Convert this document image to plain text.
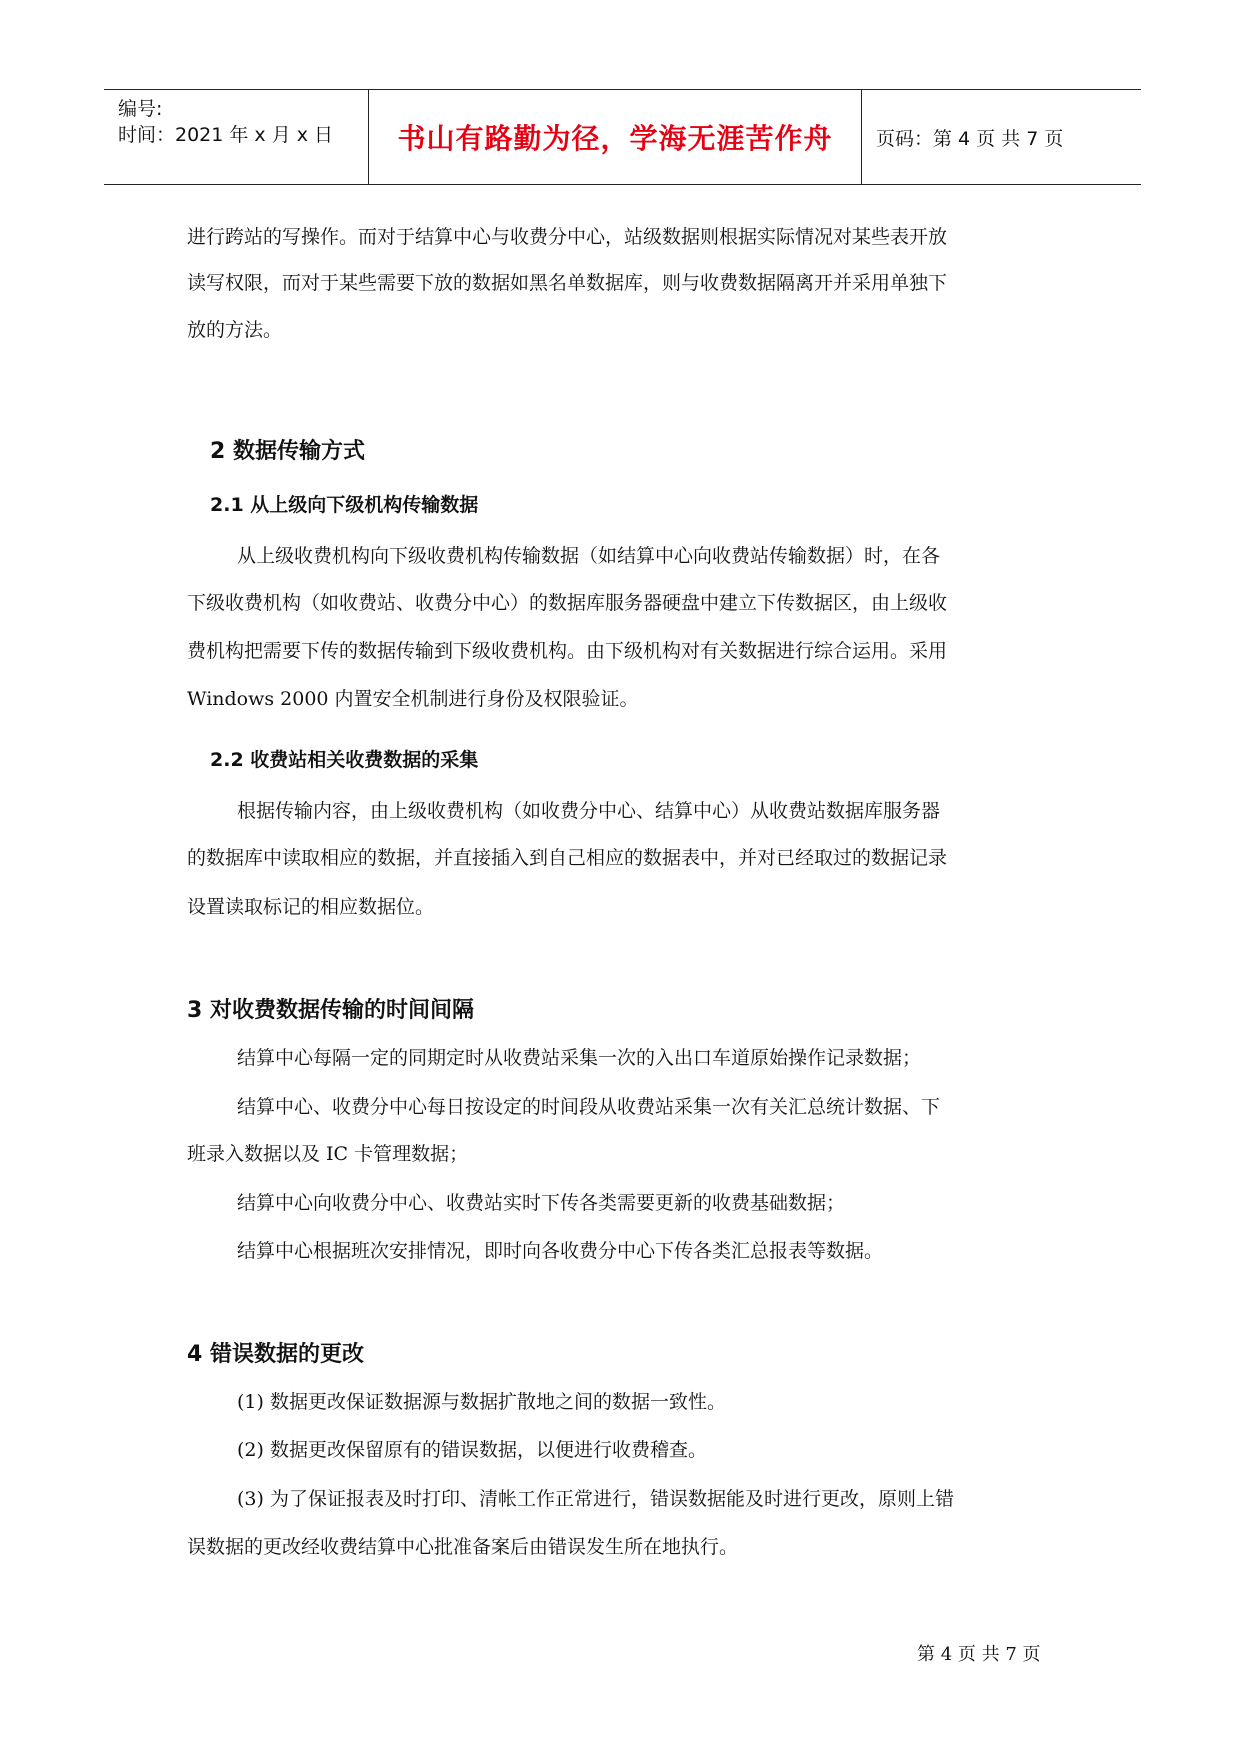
编号:
时间：2021 年 x 月 x 日 书山有路勤为径，学海无涯苦作舟 页码：第 4 页 共 7 页
进行跨站的写操作。而对于结算中心与收费分中心，站级数据则根据实际情况对某些表开放
读写权限，而对于某些需要下放的数据如黑名单数据库，则与收费数据隔离开并采用单独下
放的方法。
2 数据传输方式
2.1 从上级向下级机构传输数据
从上级收费机构向下级收费机构传输数据（如结算中心向收费站传输数据）时，在各
下级收费机构（如收费站、收费分中心）的数据库服务器硬盘中建立下传数据区，由上级收
费机构把需要下传的数据传输到下级收费机构。由下级机构对有关数据进行综合运用。采用
Windows 2000 内置安全机制进行身份及权限验证。
2.2 收费站相关收费数据的采集
根据传输内容，由上级收费机构（如收费分中心、结算中心）从收费站数据库服务器
的数据库中读取相应的数据，并直接插入到自己相应的数据表中，并对已经取过的数据记录
设置读取标记的相应数据位。
3 对收费数据传输的时间间隔
结算中心每隔一定的同期定时从收费站采集一次的入出口车道原始操作记录数据；
结算中心、收费分中心每日按设定的时间段从收费站采集一次有关汇总统计数据、下
班录入数据以及 IC 卡管理数据；
结算中心向收费分中心、收费站实时下传各类需要更新的收费基础数据；
结算中心根据班次安排情况，即时向各收费分中心下传各类汇总报表等数据。
4 错误数据的更改
(1) 数据更改保证数据源与数据扩散地之间的数据一致性。
(2) 数据更改保留原有的错误数据，以便进行收费稽查。
(3) 为了保证报表及时打印、清帐工作正常进行，错误数据能及时进行更改，原则上错
误数据的更改经收费结算中心批准备案后由错误发生所在地执行。
第 4 页 共 7 页
